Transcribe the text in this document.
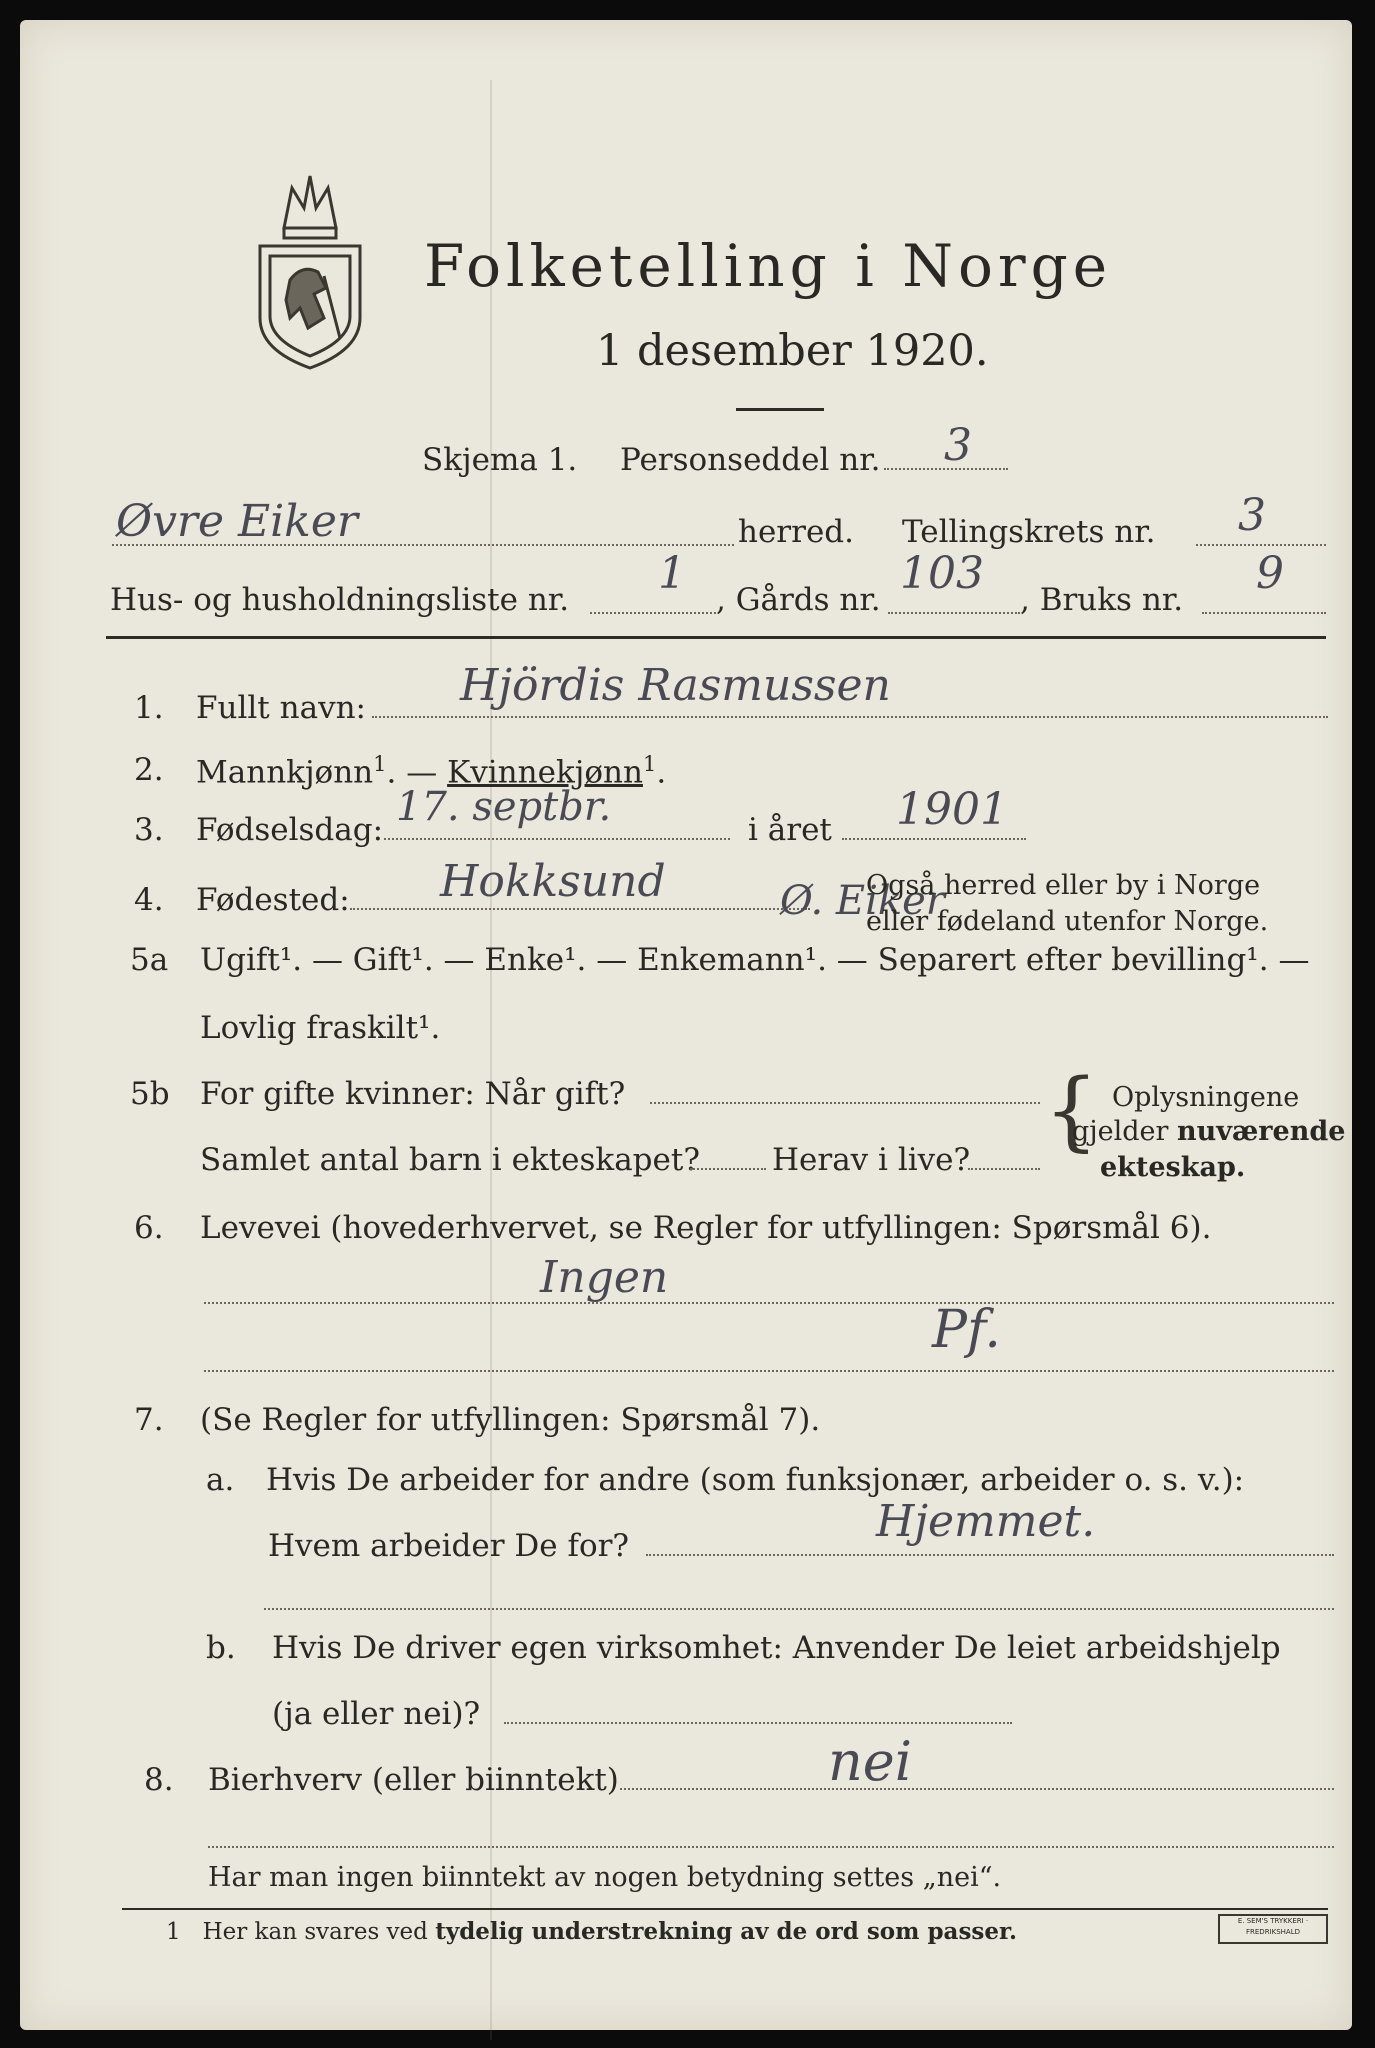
Folketelling i Norge
1 desember 1920.
Skjema 1. Personseddel nr. 3
Øvre Eiker	herred. Tellingskrets nr. 3
Hus- og husholdningsliste nr.
1
, Gårds nr.
103
, Bruks nr.
9
1. Fullt navn: Hjördis Rasmussen
2. Mannkjønn$^1$. — Kvinnekjønn$^1$.
3. Fødselsdag: 17. septbr.	i året 1901
4. Fødested: Hokksund	Ø. Eiker
Også herred eller by i Norge
eller fødeland utenfor Norge.
5a Ugift¹. — Gift¹. — Enke¹. — Enkemann¹. — Separert efter bevilling¹. —
Lovlig fraskilt¹.
5b For gifte kvinner: Når gift?
Samlet antal barn i ekteskapet? Herav i live? { Oplysningene
gjelder nuværende
ekteskap.
6. Levevei (hovederhvervet, se Regler for utfyllingen: Spørsmål 6).
Ingen
Pf.
7. (Se Regler for utfyllingen: Spørsmål 7).
a. Hvis De arbeider for andre (som funksjonær, arbeider o. s. v.):
Hvem arbeider De for?	Hjemmet.
b. Hvis De driver egen virksomhet: Anvender De leiet arbeidshjelp
(ja eller nei)?
8. Bierhverv (eller biinntekt)	nei
Har man ingen biinntekt av nogen betydning settes „nei“.
1 Her kan svares ved tydelig understrekning av de ord som passer.	E. SEM'S TRYKKERI · FREDRIKSHALD
